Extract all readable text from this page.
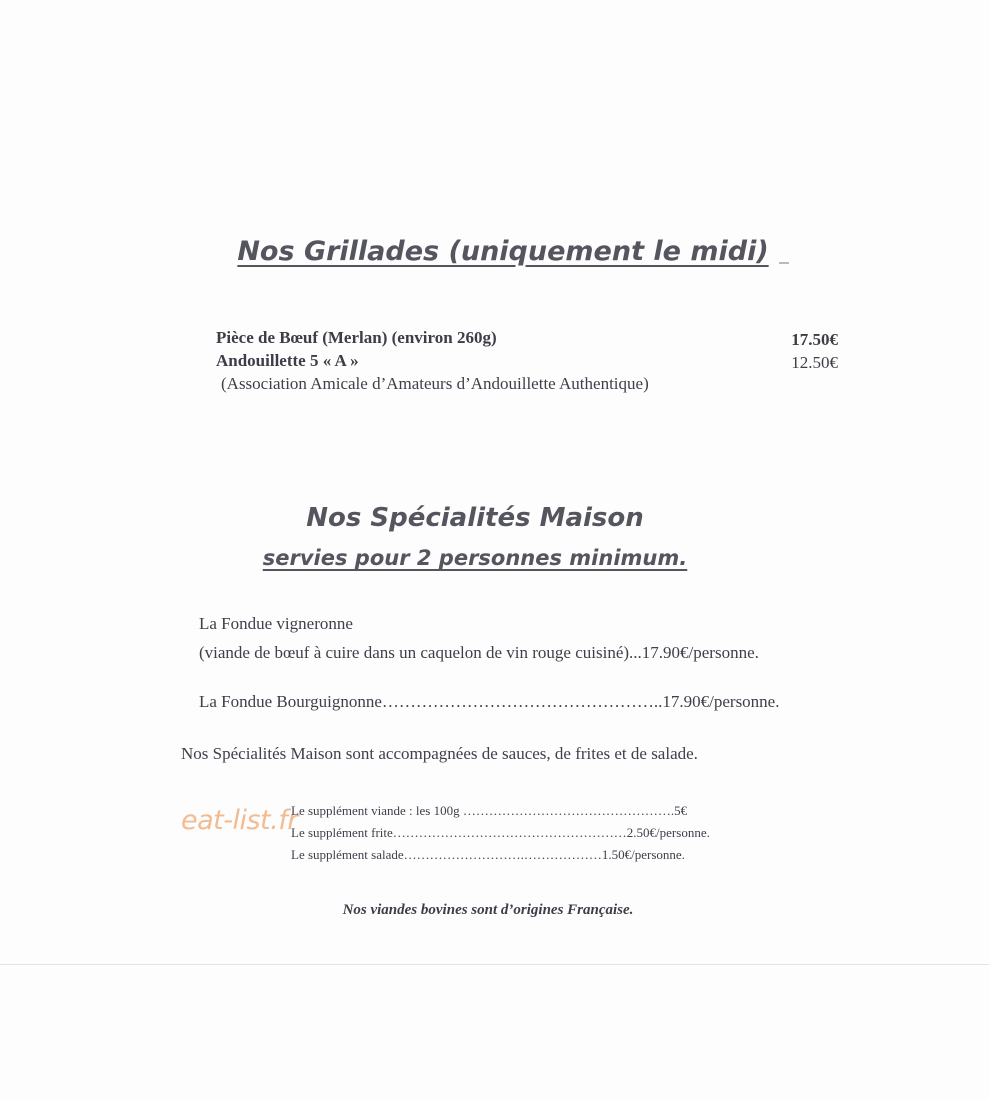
Nos Grillades (uniquement le midi)
Pièce de Bœuf (Merlan) (environ 260g)	17.50€
Andouillette 5 « A »	12.50€
(Association Amicale d’Amateurs d’Andouillette Authentique)
Nos Spécialités Maison
servies pour 2 personnes minimum.
La Fondue vigneronne
(viande de bœuf à cuire dans un caquelon de vin rouge cuisiné)...17.90€/personne.
La Fondue Bourguignonne…………………………………………..17.90€/personne.
Nos Spécialités Maison sont accompagnées de sauces, de frites et de salade.
eat-list.fr
Le supplément viande : les 100g ………………………………………….5€
Le supplément frite………………………………………………2.50€/personne.
Le supplément salade……………………….………………1.50€/personne.
Nos viandes bovines sont d’origines Française.
